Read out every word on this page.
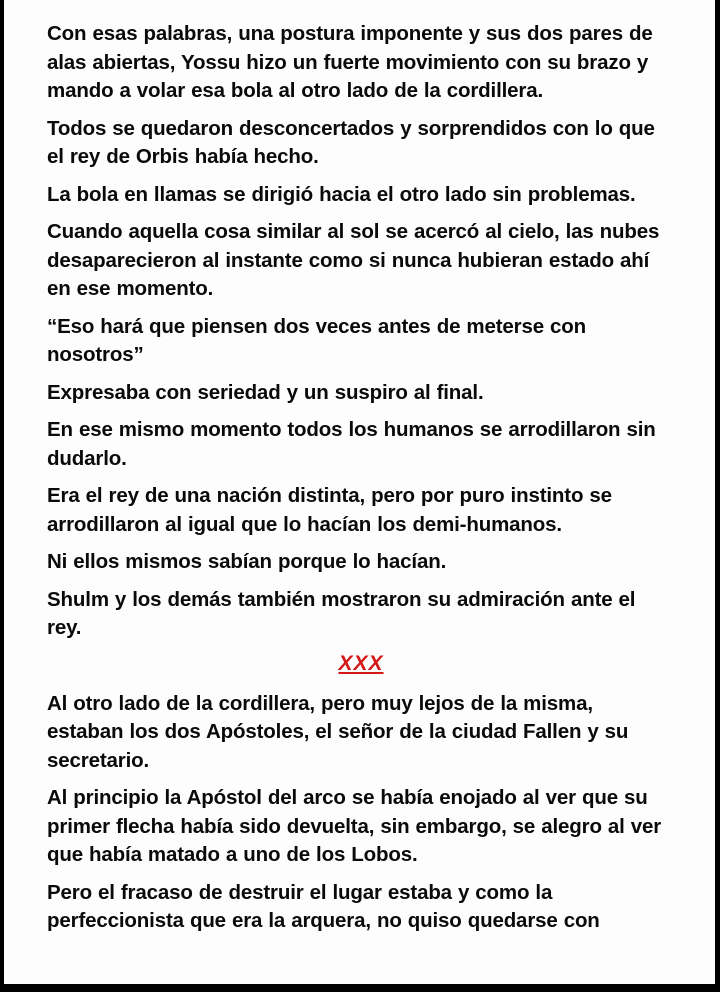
Con esas palabras, una postura imponente y sus dos pares de alas abiertas, Yossu hizo un fuerte movimiento con su brazo y mando a volar esa bola al otro lado de la cordillera.

Todos se quedaron desconcertados y sorprendidos con lo que el rey de Orbis había hecho.

La bola en llamas se dirigió hacia el otro lado sin problemas.

Cuando aquella cosa similar al sol se acercó al cielo, las nubes desaparecieron al instante como si nunca hubieran estado ahí en ese momento.

“Eso hará que piensen dos veces antes de meterse con nosotros”

Expresaba con seriedad y un suspiro al final.

En ese mismo momento todos los humanos se arrodillaron sin dudarlo.

Era el rey de una nación distinta, pero por puro instinto se arrodillaron al igual que lo hacían los demi-humanos.

Ni ellos mismos sabían porque lo hacían.

Shulm y los demás también mostraron su admiración ante el rey.

XXX

Al otro lado de la cordillera, pero muy lejos de la misma, estaban los dos Apóstoles, el señor de la ciudad Fallen y su secretario.

Al principio la Apóstol del arco se había enojado al ver que su primer flecha había sido devuelta, sin embargo, se alegro al ver que había matado a uno de los Lobos.

Pero el fracaso de destruir el lugar estaba y como la perfeccionista que era la arquera, no quiso quedarse con
